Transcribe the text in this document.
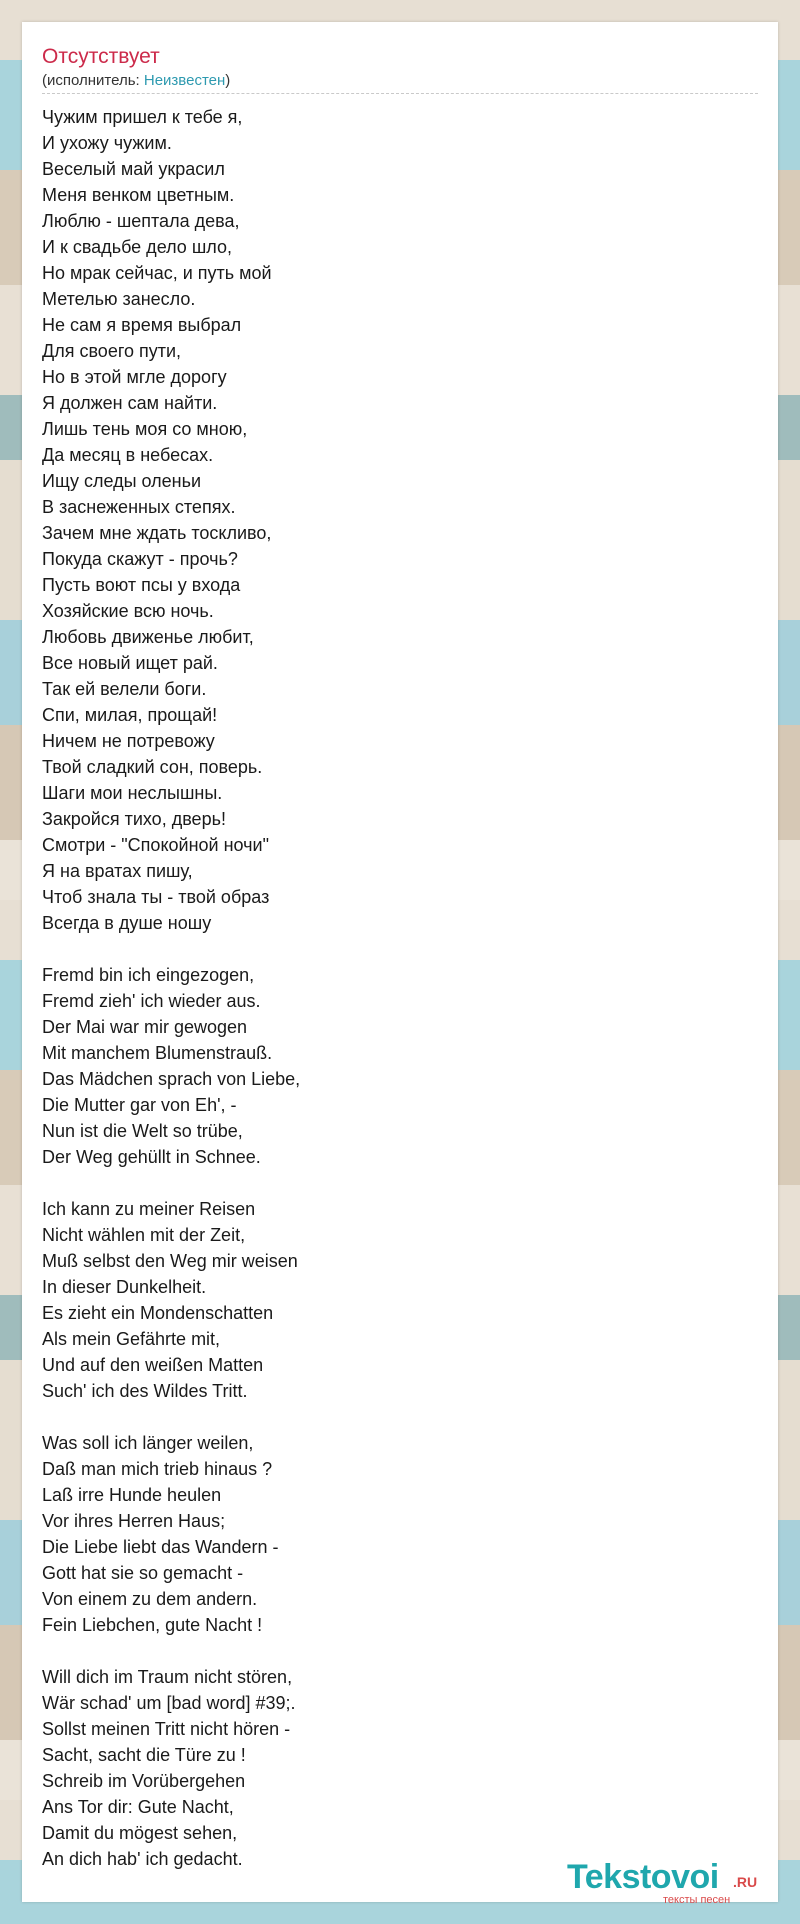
Отсутствует
(исполнитель: Неизвестен)
Чужим пришел к тебе я,
И ухожу чужим.
Веселый май украсил
Меня венком цветным.
Люблю - шептала дева,
И к свадьбе дело шло,
Но мрак сейчас, и путь мой
Метелью занесло.
Не сам я время выбрал
Для своего пути,
Но в этой мгле дорогу
Я должен сам найти.
Лишь тень моя со мною,
Да месяц в небесах.
Ищу следы оленьи
В заснеженных степях.
Зачем мне ждать тоскливо,
Покуда скажут - прочь?
Пусть воют псы у входа
Хозяйские всю ночь.
Любовь движенье любит,
Все новый ищет рай.
Так ей велели боги.
Спи, милая, прощай!
Ничем не потревожу
Твой сладкий сон, поверь.
Шаги мои неслышны.
Закройся тихо, дверь!
Смотри - "Спокойной ночи"
Я на вратах пишу,
Чтоб знала ты - твой образ
Всегда в душе ношу

Fremd bin ich eingezogen,
Fremd zieh' ich wieder aus.
Der Mai war mir gewogen
Mit manchem Blumenstrauß.
Das Mädchen sprach von Liebe,
Die Mutter gar von Eh', -
Nun ist die Welt so trübe,
Der Weg gehüllt in Schnee.

Ich kann zu meiner Reisen
Nicht wählen mit der Zeit,
Muß selbst den Weg mir weisen
In dieser Dunkelheit.
Es zieht ein Mondenschatten
Als mein Gefährte mit,
Und auf den weißen Matten
Such' ich des Wildes Tritt.

Was soll ich länger weilen,
Daß man mich trieb hinaus ?
Laß irre Hunde heulen
Vor ihres Herren Haus;
Die Liebe liebt das Wandern -
Gott hat sie so gemacht -
Von einem zu dem andern.
Fein Liebchen, gute Nacht !

Will dich im Traum nicht stören,
Wär schad' um [bad word] #39;.
Sollst meinen Tritt nicht hören -
Sacht, sacht die Türe zu !
Schreib im Vorübergehen
Ans Tor dir: Gute Nacht,
Damit du mögest sehen,
An dich hab' ich gedacht.	Tekstovoi .RU
тексты песен
